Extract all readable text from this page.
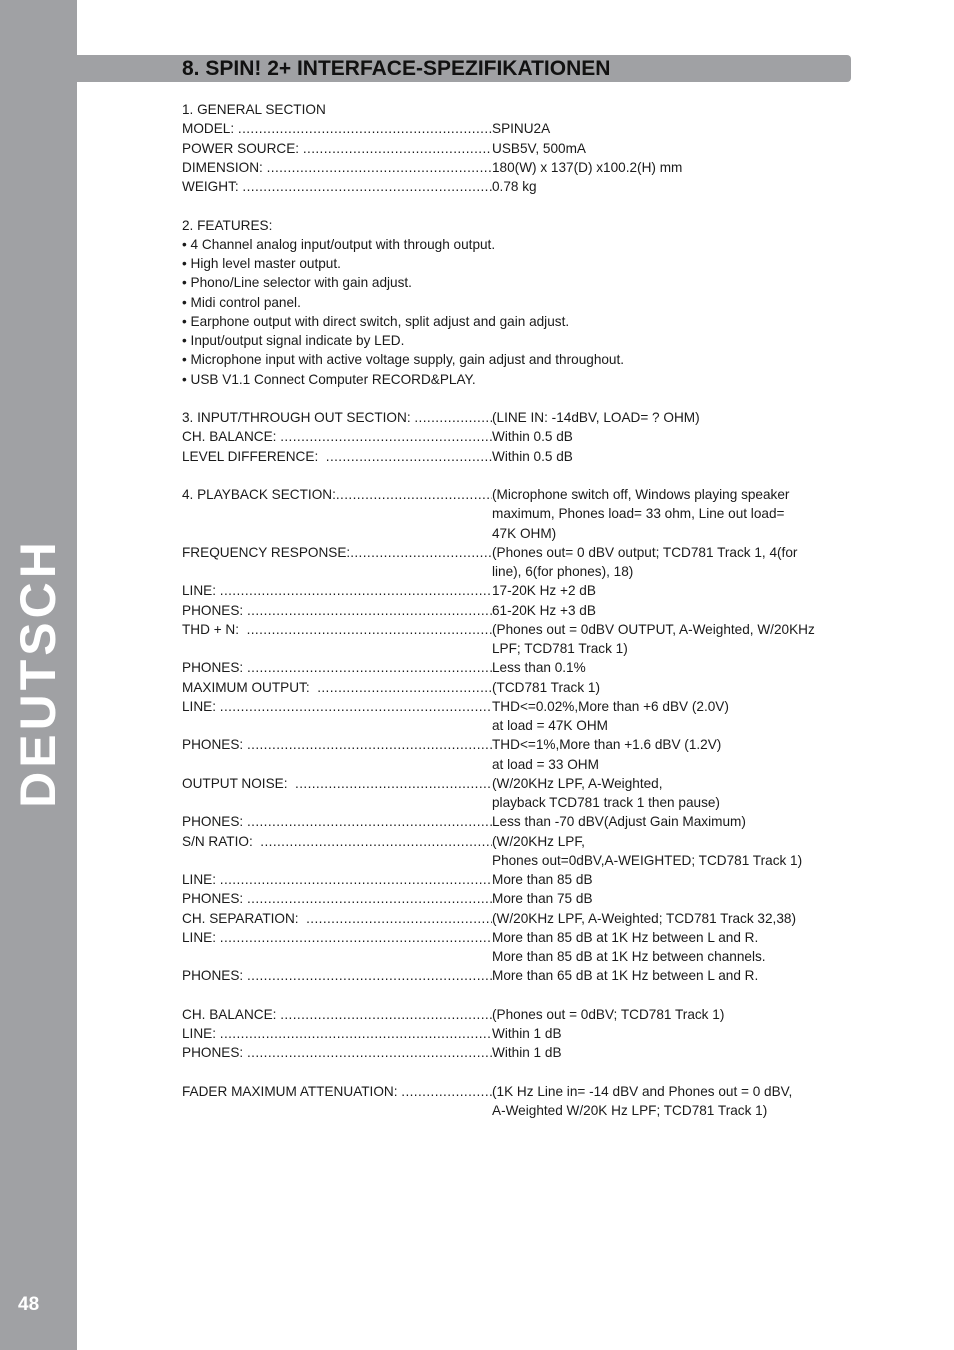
DEUTSCH
48
8. SPIN! 2+ INTERFACE-SPEZIFIKATIONEN
1. GENERAL SECTION
MODEL: .....	SPINU2A
POWER SOURCE: .....	USB5V, 500mA
DIMENSION: .....	180(W) x 137(D) x100.2(H) mm
WEIGHT: .....	0.78 kg
2. FEATURES:
• 4 Channel analog input/output with through output.
• High level master output.
• Phono/Line selector with gain adjust.
• Midi control panel.
• Earphone output with direct switch, split adjust and gain adjust.
• Input/output signal indicate by LED.
• Microphone input with active voltage supply, gain adjust and throughout.
• USB V1.1 Connect Computer RECORD&PLAY.
3. INPUT/THROUGH OUT SECTION: .....	(LINE IN: -14dBV, LOAD= ? OHM)
CH. BALANCE: .....	Within 0.5 dB
LEVEL DIFFERENCE: .....	Within 0.5 dB
4. PLAYBACK SECTION: .....	(Microphone switch off, Windows playing speaker
maximum, Phones load= 33 ohm, Line out load=
47K OHM)
FREQUENCY RESPONSE: .....	(Phones out= 0 dBV output; TCD781 Track 1, 4(for
line), 6(for phones), 18)
LINE: .....	17-20K Hz +2 dB
PHONES: .....	61-20K Hz +3 dB
THD + N: .....	(Phones out = 0dBV OUTPUT, A-Weighted, W/20KHz
LPF; TCD781 Track 1)
PHONES: .....	Less than 0.1%
MAXIMUM OUTPUT: .....	(TCD781 Track 1)
LINE: .....	THD<=0.02%,More than +6 dBV (2.0V)
at load = 47K OHM
PHONES: .....	THD<=1%,More than +1.6 dBV (1.2V)
at load = 33 OHM
OUTPUT NOISE: .....	(W/20KHz LPF, A-Weighted,
playback TCD781 track 1 then pause)
PHONES: .....	Less than -70 dBV(Adjust Gain Maximum)
S/N RATIO: .....	(W/20KHz LPF,
Phones out=0dBV,A-WEIGHTED; TCD781 Track 1)
LINE: .....	More than 85 dB
PHONES: .....	More than 75 dB
CH. SEPARATION: .....	(W/20KHz LPF, A-Weighted; TCD781 Track 32,38)
LINE: .....	More than 85 dB at 1K Hz between L and R.
More than 85 dB at 1K Hz between channels.
PHONES: .....	More than 65 dB at 1K Hz between L and R.
CH. BALANCE: .....	(Phones out = 0dBV; TCD781 Track 1)
LINE: .....	Within 1 dB
PHONES: .....	Within 1 dB
FADER MAXIMUM ATTENUATION: .....	(1K Hz Line in= -14 dBV and Phones out = 0 dBV,
A-Weighted W/20K Hz LPF; TCD781 Track 1)
